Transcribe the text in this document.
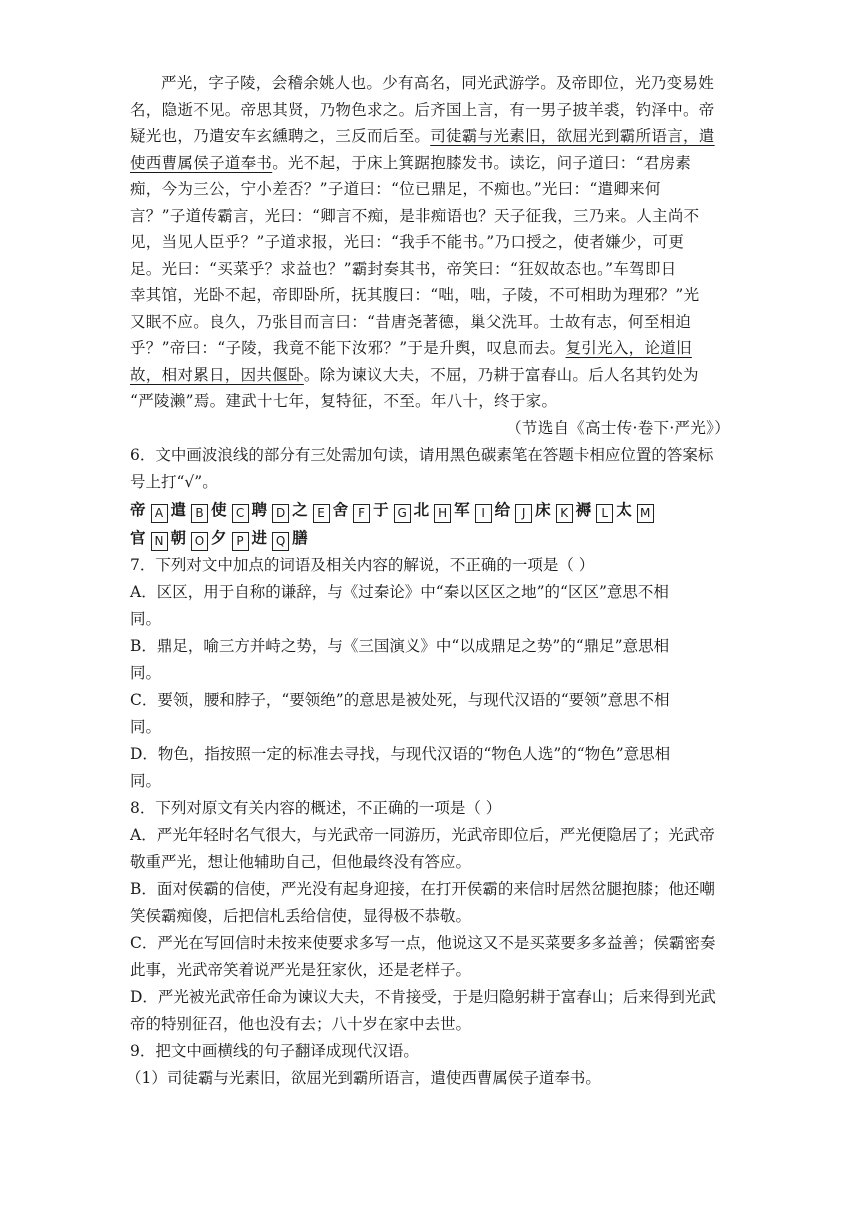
严光，字子陵，会稽余姚人也。少有高名，同光武游学。及帝即位，光乃变易姓
名，隐逝不见。帝思其贤，乃物色求之。后齐国上言，有一男子披羊裘，钓泽中。帝
疑光也，乃遣安车玄纁聘之，三反而后至。司徒霸与光素旧，欲屈光到霸所语言，遣
使西曹属侯子道奉书。光不起，于床上箕踞抱膝发书。读讫，问子道曰：“君房素
痴，今为三公，宁小差否？”子道曰：“位已鼎足，不痴也。”光曰：“遣卿来何
言？”子道传霸言，光曰：“卿言不痴，是非痴语也？天子征我，三乃来。人主尚不
见，当见人臣乎？”子道求报，光曰：“我手不能书。”乃口授之，使者嫌少，可更
足。光曰：“买菜乎？求益也？”霸封奏其书，帝笑曰：“狂奴故态也。”车驾即日
幸其馆，光卧不起，帝即卧所，抚其腹曰：“咄，咄，子陵，不可相助为理邪？”光
又眠不应。良久，乃张目而言曰：“昔唐尧著德，巢父洗耳。士故有志，何至相迫
乎？”帝曰：“子陵，我竟不能下汝邪？”于是升舆，叹息而去。复引光入，论道旧
故，相对累日，因共偃卧。除为谏议大夫，不屈，乃耕于富春山。后人名其钓处为
“严陵濑”焉。建武十七年，复特征，不至。年八十，终于家。
（节选自《高士传·卷下·严光》）
6．文中画波浪线的部分有三处需加句读，请用黑色碳素笔在答题卡相应位置的答案标
号上打“√”。
帝 A 遣 B 使 C 聘 D 之 E 舍 F 于 G 北 H 军 I 给 J 床 K 褥 L 太 M
官 N 朝 O 夕 P 进 Q 膳
7．下列对文中加点的词语及相关内容的解说，不正确的一项是（ ）
A．区区，用于自称的谦辞，与《过秦论》中“秦以区区之地”的“区区”意思不相
同。
B．鼎足，喻三方并峙之势，与《三国演义》中“以成鼎足之势”的“鼎足”意思相
同。
C．要领，腰和脖子，“要领绝”的意思是被处死，与现代汉语的“要领”意思不相
同。
D．物色，指按照一定的标准去寻找，与现代汉语的“物色人选”的“物色”意思相
同。
8．下列对原文有关内容的概述，不正确的一项是（ ）
A．严光年轻时名气很大，与光武帝一同游历，光武帝即位后，严光便隐居了；光武帝
敬重严光，想让他辅助自己，但他最终没有答应。
B．面对侯霸的信使，严光没有起身迎接，在打开侯霸的来信时居然岔腿抱膝；他还嘲
笑侯霸痴傻，后把信札丢给信使，显得极不恭敬。
C．严光在写回信时未按来使要求多写一点，他说这又不是买菜要多多益善；侯霸密奏
此事，光武帝笑着说严光是狂家伙，还是老样子。
D．严光被光武帝任命为谏议大夫，不肯接受，于是归隐躬耕于富春山；后来得到光武
帝的特别征召，他也没有去；八十岁在家中去世。
9．把文中画横线的句子翻译成现代汉语。
（1）司徒霸与光素旧，欲屈光到霸所语言，遣使西曹属侯子道奉书。
